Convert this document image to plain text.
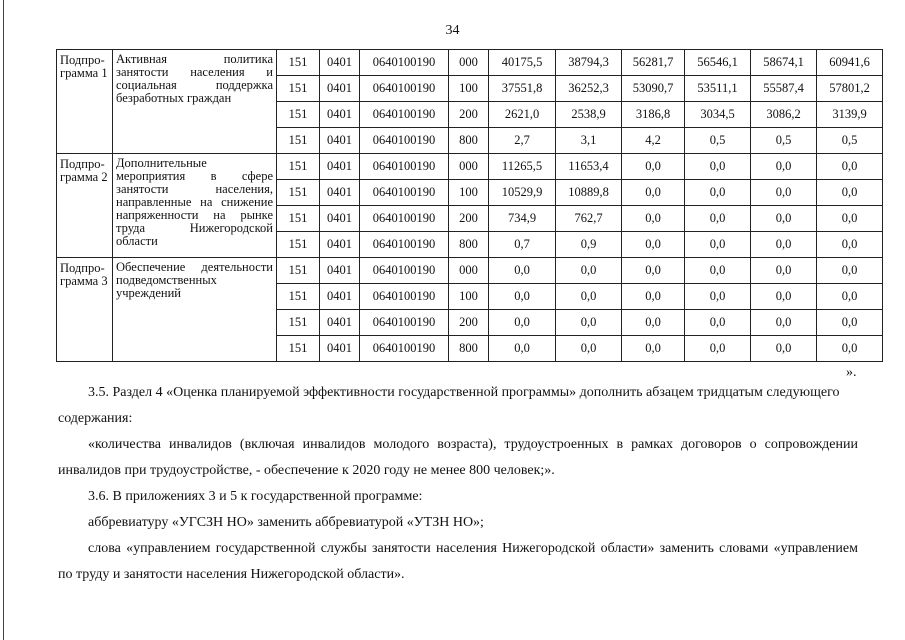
34
Подпро-грамма 1	Активная политика занятости населения и социальная поддержка безработных граждан	151	0401	0640100190	000	40175,5	38794,3	56281,7	56546,1	58674,1	60941,6
		151	0401	0640100190	100	37551,8	36252,3	53090,7	53511,1	55587,4	57801,2
		151	0401	0640100190	200	2621,0	2538,9	3186,8	3034,5	3086,2	3139,9
		151	0401	0640100190	800	2,7	3,1	4,2	0,5	0,5	0,5
Подпро-грамма 2	Дополнительные мероприятия в сфере занятости населения, направленные на снижение напряженности на рынке труда Нижегородской области	151	0401	0640100190	000	11265,5	11653,4	0,0	0,0	0,0	0,0
		151	0401	0640100190	100	10529,9	10889,8	0,0	0,0	0,0	0,0
		151	0401	0640100190	200	734,9	762,7	0,0	0,0	0,0	0,0
		151	0401	0640100190	800	0,7	0,9	0,0	0,0	0,0	0,0
Подпро-грамма 3	Обеспечение деятельности подведомственных учреждений	151	0401	0640100190	000	0,0	0,0	0,0	0,0	0,0	0,0
		151	0401	0640100190	100	0,0	0,0	0,0	0,0	0,0	0,0
		151	0401	0640100190	200	0,0	0,0	0,0	0,0	0,0	0,0
		151	0401	0640100190	800	0,0	0,0	0,0	0,0	0,0	0,0
».

3.5. Раздел 4 «Оценка планируемой эффективности государственной программы» дополнить абзацем тридцатым следующего содержания:

«количества инвалидов (включая инвалидов молодого возраста), трудоустроенных в рамках договоров о сопровождении инвалидов при трудоустройстве, - обеспечение к 2020 году не менее 800 человек;».

3.6. В приложениях 3 и 5 к государственной программе:

аббревиатуру «УГСЗН НО» заменить аббревиатурой «УТЗН НО»;

слова «управлением государственной службы занятости населения Нижегородской области» заменить словами «управлением по труду и занятости населения Нижегородской области».
